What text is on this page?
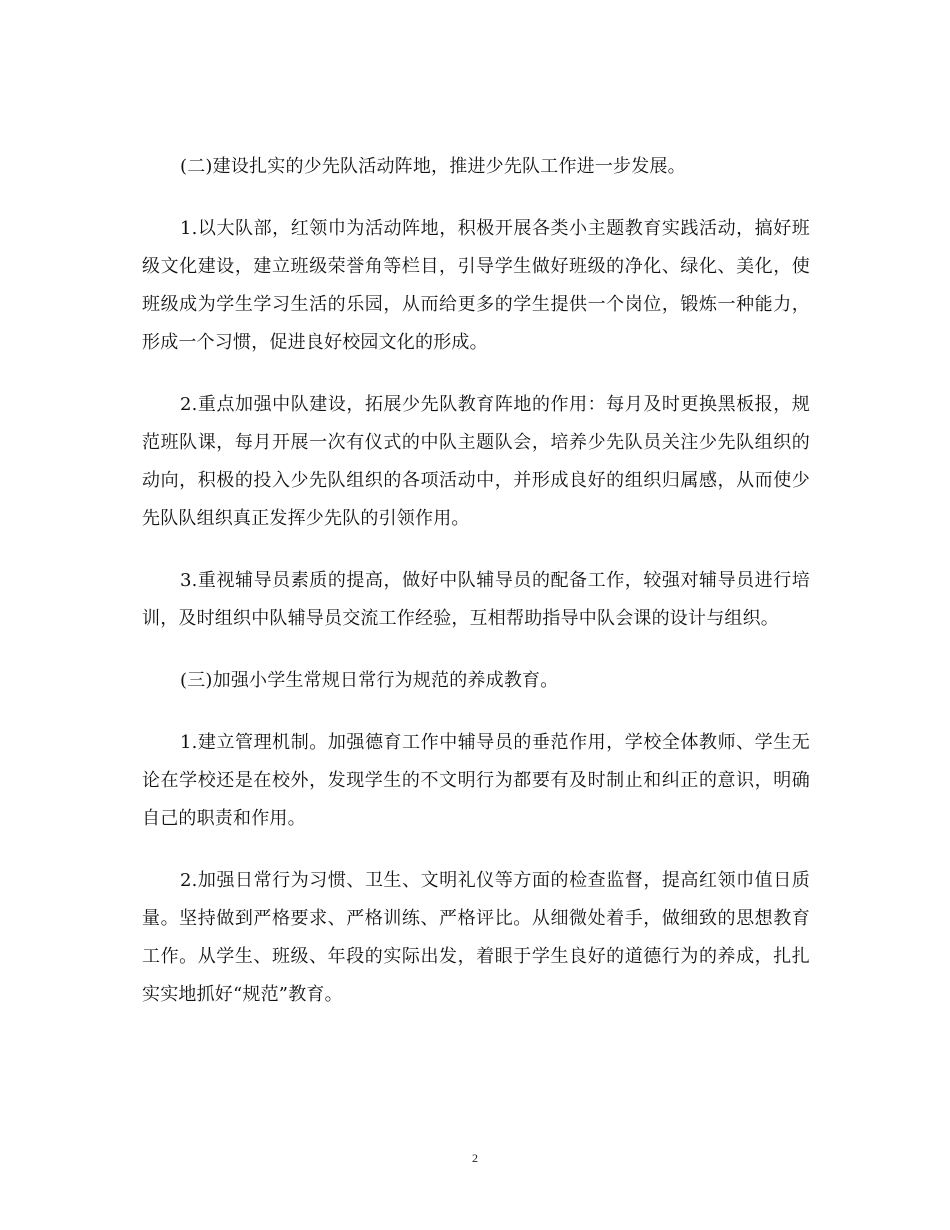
(二)建设扎实的少先队活动阵地，推进少先队工作进一步发展。

1.以大队部，红领巾为活动阵地，积极开展各类小主题教育实践活动，搞好班级文化建设，建立班级荣誉角等栏目，引导学生做好班级的净化、绿化、美化，使班级成为学生学习生活的乐园，从而给更多的学生提供一个岗位，锻炼一种能力，形成一个习惯，促进良好校园文化的形成。

2.重点加强中队建设，拓展少先队教育阵地的作用：每月及时更换黑板报，规范班队课，每月开展一次有仪式的中队主题队会，培养少先队员关注少先队组织的动向，积极的投入少先队组织的各项活动中，并形成良好的组织归属感，从而使少先队队组织真正发挥少先队的引领作用。

3.重视辅导员素质的提高，做好中队辅导员的配备工作，较强对辅导员进行培训，及时组织中队辅导员交流工作经验，互相帮助指导中队会课的设计与组织。

(三)加强小学生常规日常行为规范的养成教育。

1.建立管理机制。加强德育工作中辅导员的垂范作用，学校全体教师、学生无论在学校还是在校外，发现学生的不文明行为都要有及时制止和纠正的意识，明确自己的职责和作用。

2.加强日常行为习惯、卫生、文明礼仪等方面的检查监督，提高红领巾值日质量。坚持做到严格要求、严格训练、严格评比。从细微处着手，做细致的思想教育工作。从学生、班级、年段的实际出发，着眼于学生良好的道德行为的养成，扎扎实实地抓好“规范”教育。

2
